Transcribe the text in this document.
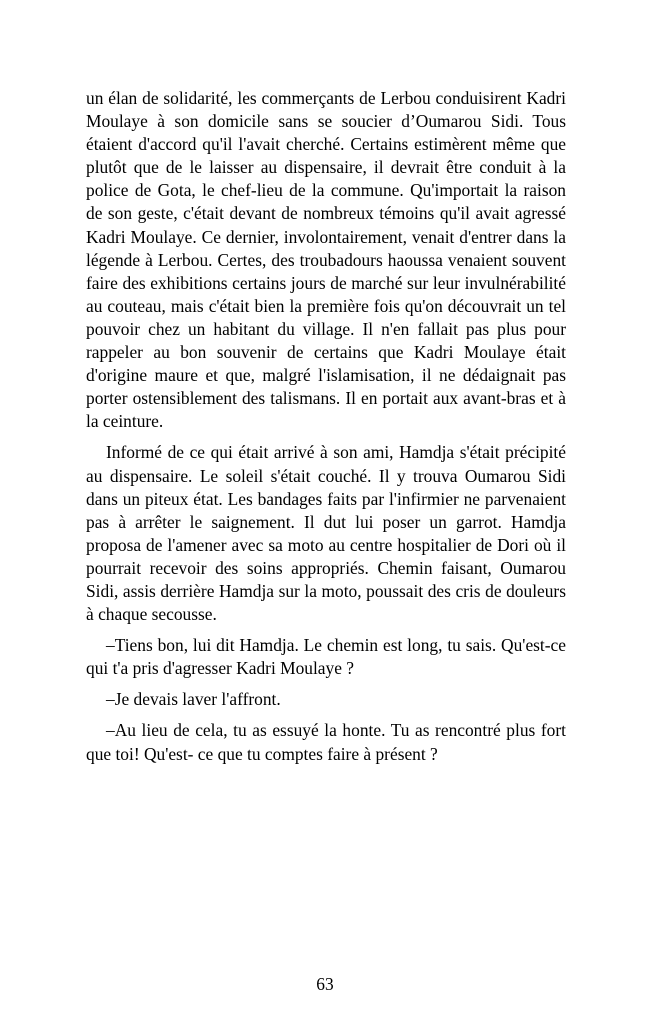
un élan de solidarité, les commerçants de Lerbou conduisirent Kadri Moulaye à son domicile sans se soucier d’Oumarou Sidi. Tous étaient d'accord qu'il l'avait cherché. Certains estimèrent même que plutôt que de le laisser au dispensaire, il devrait être conduit à la police de Gota, le chef-lieu de la commune. Qu'importait la raison de son geste, c'était devant de nombreux témoins qu'il avait agressé Kadri Moulaye. Ce dernier, involontairement, venait d'entrer dans la légende à Lerbou. Certes, des troubadours haoussa venaient souvent faire des exhibitions certains jours de marché sur leur invulnérabilité au couteau, mais c'était bien la première fois qu'on découvrait un tel pouvoir chez un habitant du village. Il n'en fallait pas plus pour rappeler au bon souvenir de certains que Kadri Moulaye était d'origine maure et que, malgré l'islamisation, il ne dédaignait pas porter ostensiblement des talismans. Il en portait aux avant-bras et à la ceinture.

Informé de ce qui était arrivé à son ami, Hamdja s'était précipité au dispensaire. Le soleil s'était couché. Il y trouva Oumarou Sidi dans un piteux état. Les bandages faits par l'infirmier ne parvenaient pas à arrêter le saignement. Il dut lui poser un garrot. Hamdja proposa de l'amener avec sa moto au centre hospitalier de Dori où il pourrait recevoir des soins appropriés. Chemin faisant, Oumarou Sidi, assis derrière Hamdja sur la moto, poussait des cris de douleurs à chaque secousse.

–Tiens bon, lui dit Hamdja. Le chemin est long, tu sais. Qu'est-ce qui t'a pris d'agresser Kadri Moulaye ?

–Je devais laver l'affront.

–Au lieu de cela, tu as essuyé la honte. Tu as rencontré plus fort que toi! Qu'est- ce que tu comptes faire à présent ?

63
